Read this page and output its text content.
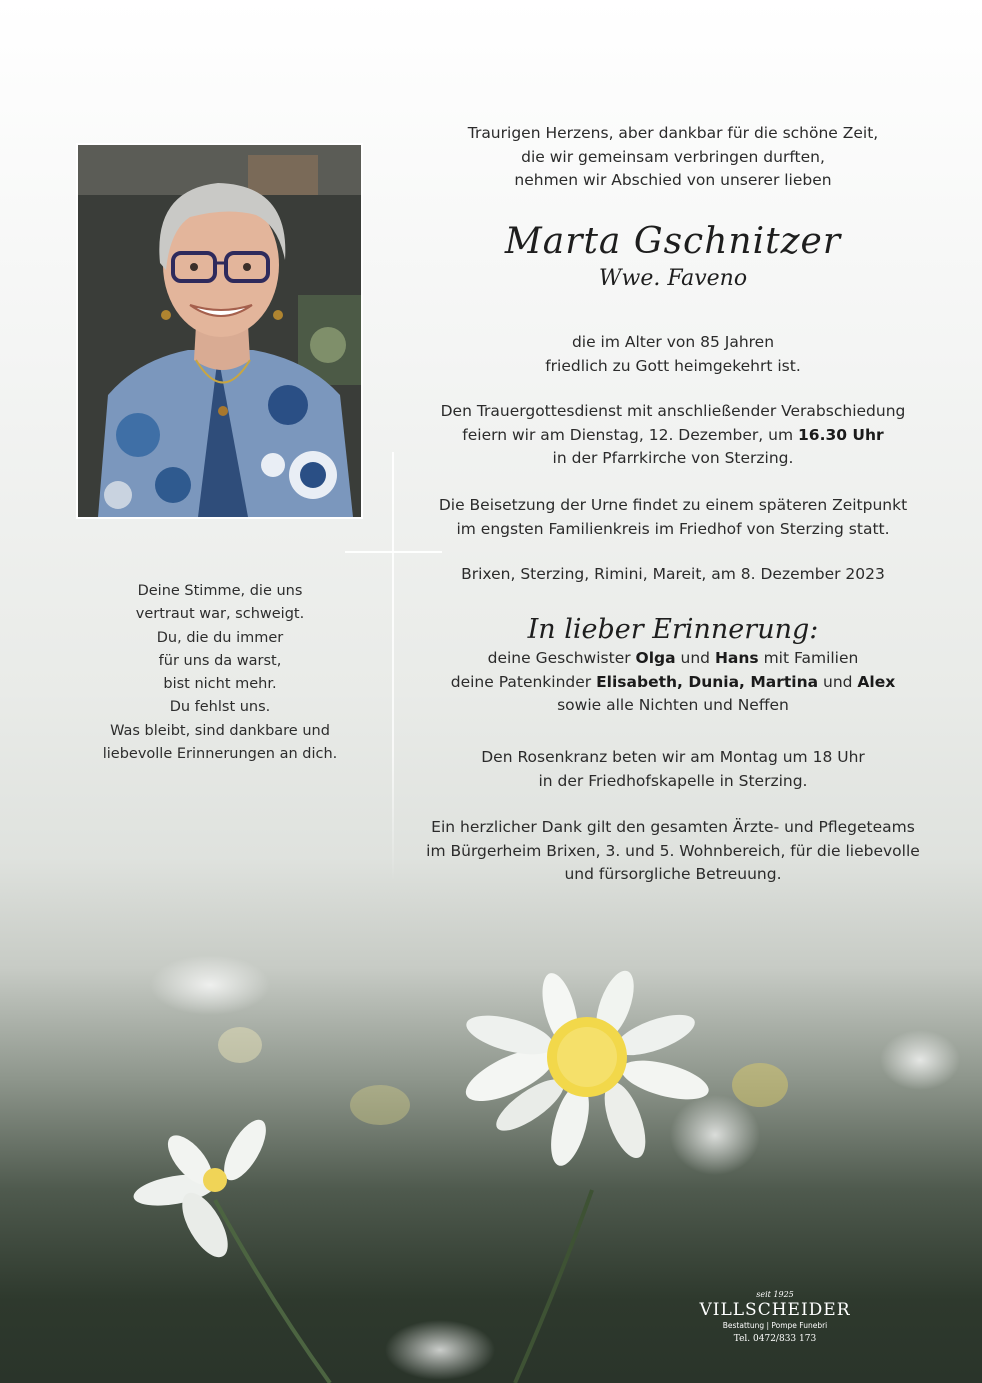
Deine Stimme, die uns
vertraut war, schweigt.
Du, die du immer
für uns da warst,
bist nicht mehr.
Du fehlst uns.
Was bleibt, sind dankbare und
liebevolle Erinnerungen an dich.
Traurigen Herzens, aber dankbar für die schöne Zeit,
die wir gemeinsam verbringen durften,
nehmen wir Abschied von unserer lieben
Marta Gschnitzer
Wwe. Faveno
die im Alter von 85 Jahren
friedlich zu Gott heimgekehrt ist.
Den Trauergottesdienst mit anschließender Verabschiedung
feiern wir am Dienstag, 12. Dezember, um 16.30 Uhr
in der Pfarrkirche von Sterzing.
Die Beisetzung der Urne findet zu einem späteren Zeitpunkt
im engsten Familienkreis im Friedhof von Sterzing statt.
Brixen, Sterzing, Rimini, Mareit, am 8. Dezember 2023
In lieber Erinnerung:
deine Geschwister Olga und Hans mit Familien
deine Patenkinder Elisabeth, Dunia, Martina und Alex
sowie alle Nichten und Neffen
Den Rosenkranz beten wir am Montag um 18 Uhr
in der Friedhofskapelle in Sterzing.
Ein herzlicher Dank gilt den gesamten Ärzte- und Pflegeteams
im Bürgerheim Brixen, 3. und 5. Wohnbereich, für die liebevolle
und fürsorgliche Betreuung.
seit 1925
VILLSCHEIDER
Bestattung | Pompe Funebri
Tel. 0472/833 173
